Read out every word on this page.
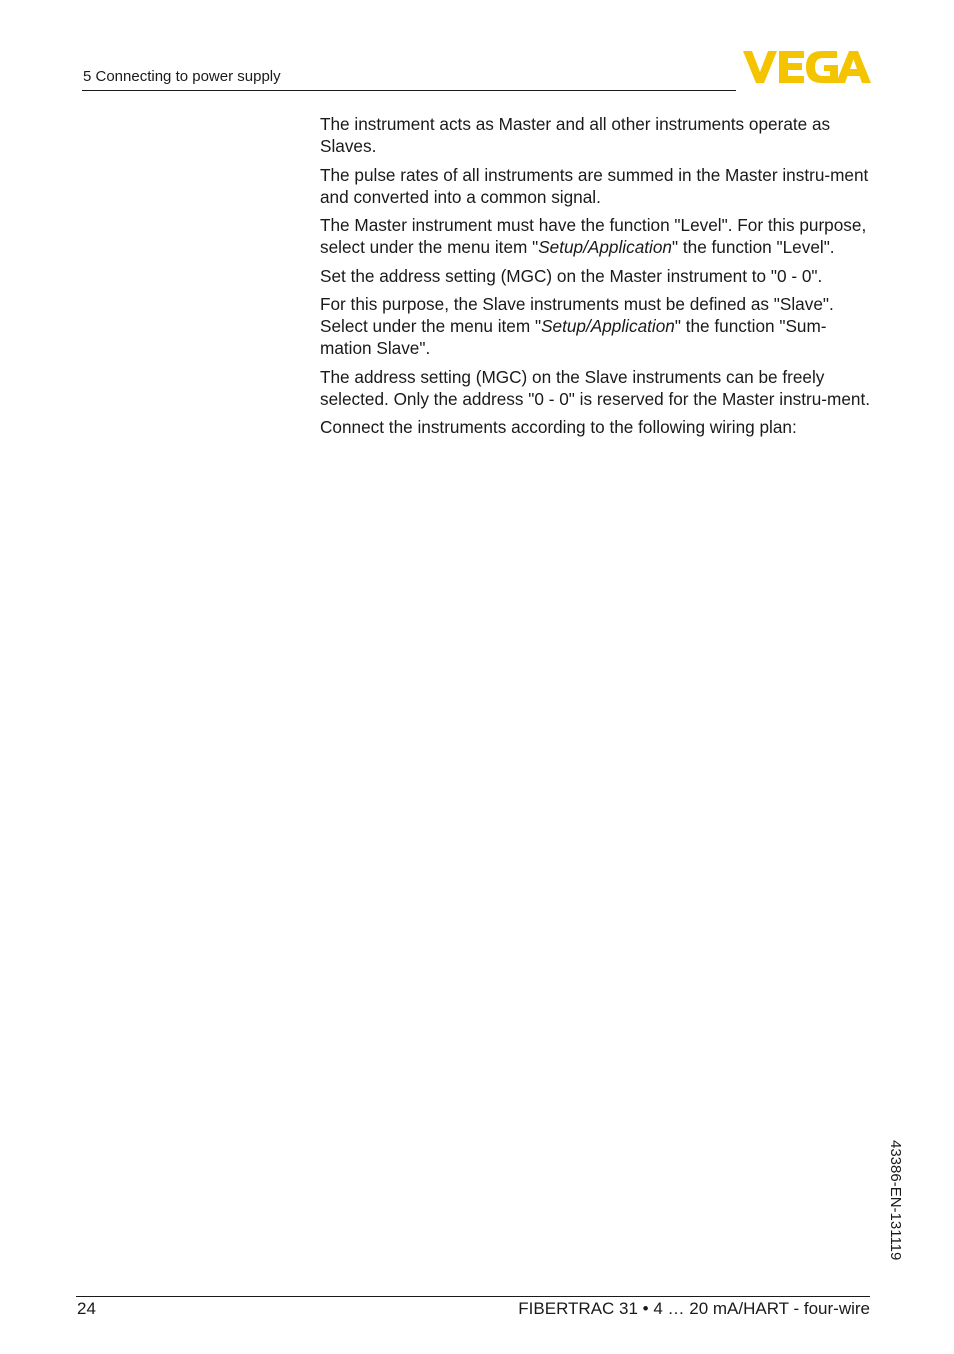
5 Connecting to power supply
VEGA

The instrument acts as Master and all other instruments operate as Slaves.

The pulse rates of all instruments are summed in the Master instru-ment and converted into a common signal.

The Master instrument must have the function "Level". For this purpose, select under the menu item "Setup/Application" the function "Level".

Set the address setting (MGC) on the Master instrument to "0 - 0".

For this purpose, the Slave instruments must be defined as "Slave". Select under the menu item "Setup/Application" the function "Sum-mation Slave".

The address setting (MGC) on the Slave instruments can be freely selected. Only the address "0 - 0" is reserved for the Master instru-ment.

Connect the instruments according to the following wiring plan:

43386-EN-131119
24	FIBERTRAC 31 • 4 … 20 mA/HART - four-wire
